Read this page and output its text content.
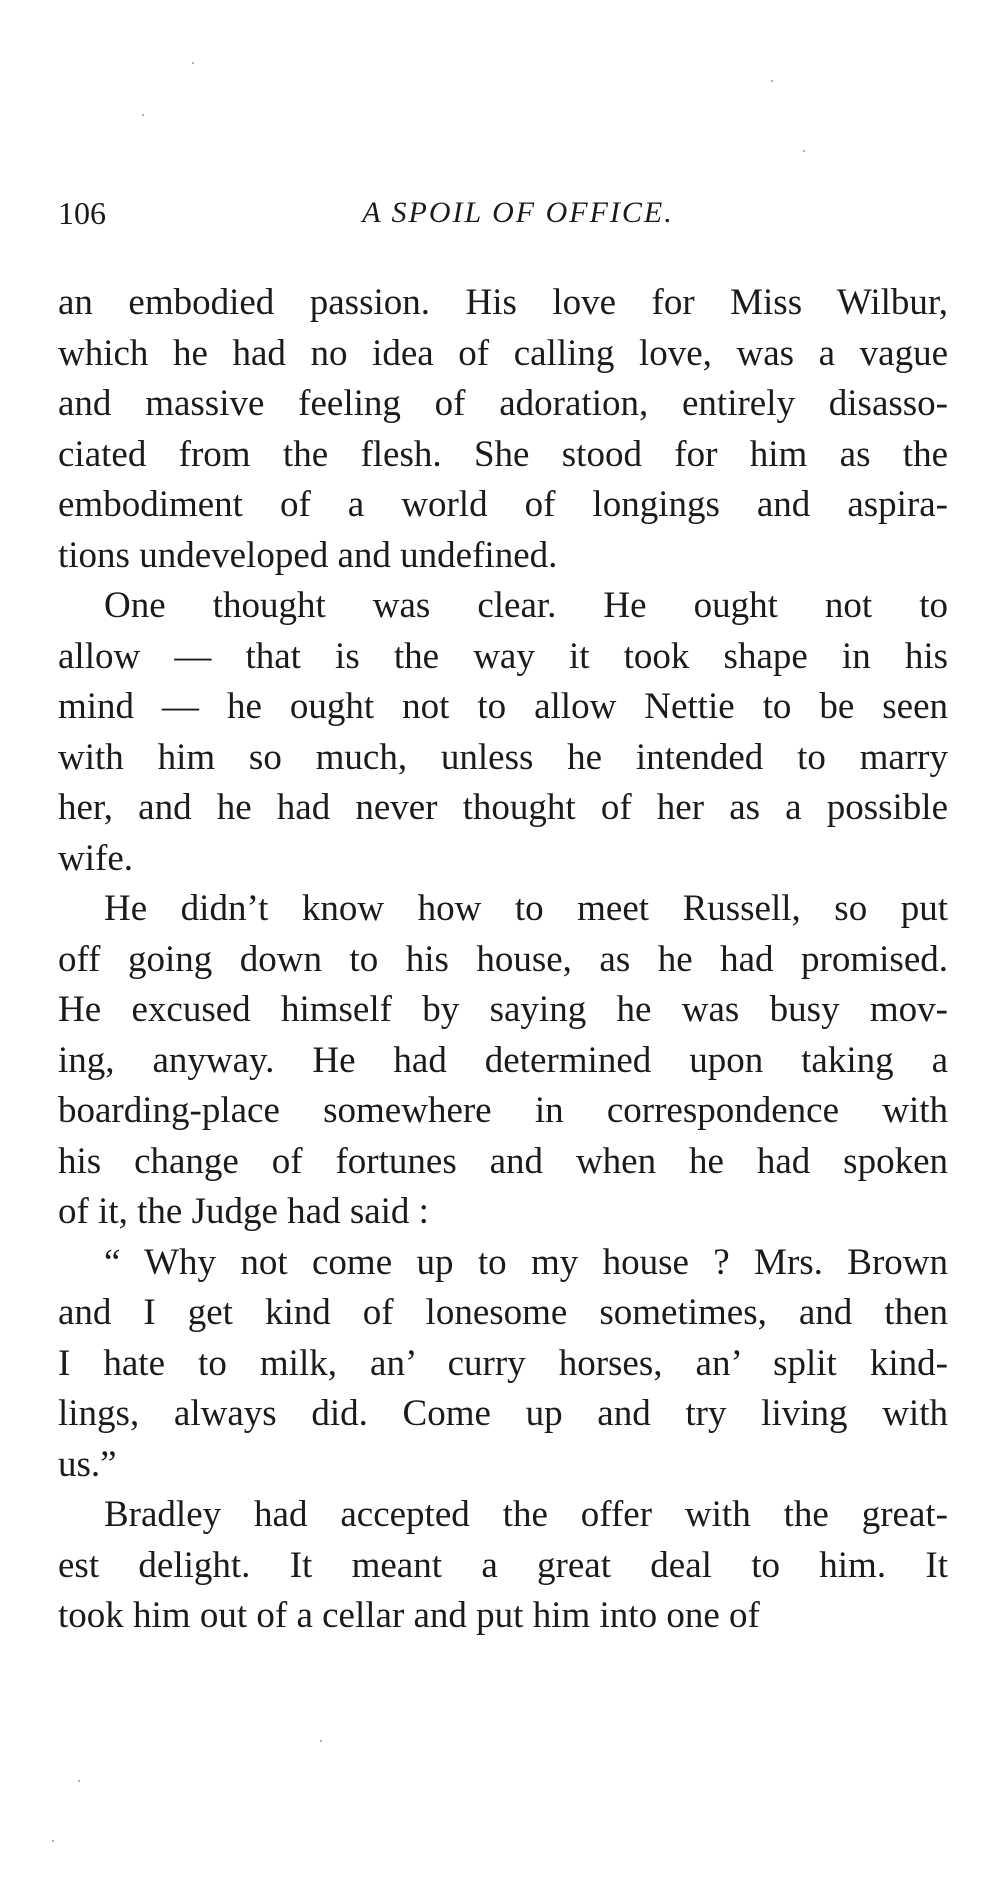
106	A SPOIL OF OFFICE.
an embodied passion. His love for Miss Wilbur,
which he had no idea of calling love, was a vague
and massive feeling of adoration, entirely disasso-
ciated from the flesh. She stood for him as the
embodiment of a world of longings and aspira-
tions undeveloped and undefined.
One thought was clear. He ought not to
allow — that is the way it took shape in his
mind — he ought not to allow Nettie to be seen
with him so much, unless he intended to marry
her, and he had never thought of her as a possible
wife.
He didn’t know how to meet Russell, so put
off going down to his house, as he had promised.
He excused himself by saying he was busy mov-
ing, anyway. He had determined upon taking a
boarding-place somewhere in correspondence with
his change of fortunes and when he had spoken
of it, the Judge had said :
“ Why not come up to my house ? Mrs. Brown
and I get kind of lonesome sometimes, and then
I hate to milk, an’ curry horses, an’ split kind-
lings, always did. Come up and try living with
us.”
Bradley had accepted the offer with the great-
est delight. It meant a great deal to him. It
took him out of a cellar and put him into one of
